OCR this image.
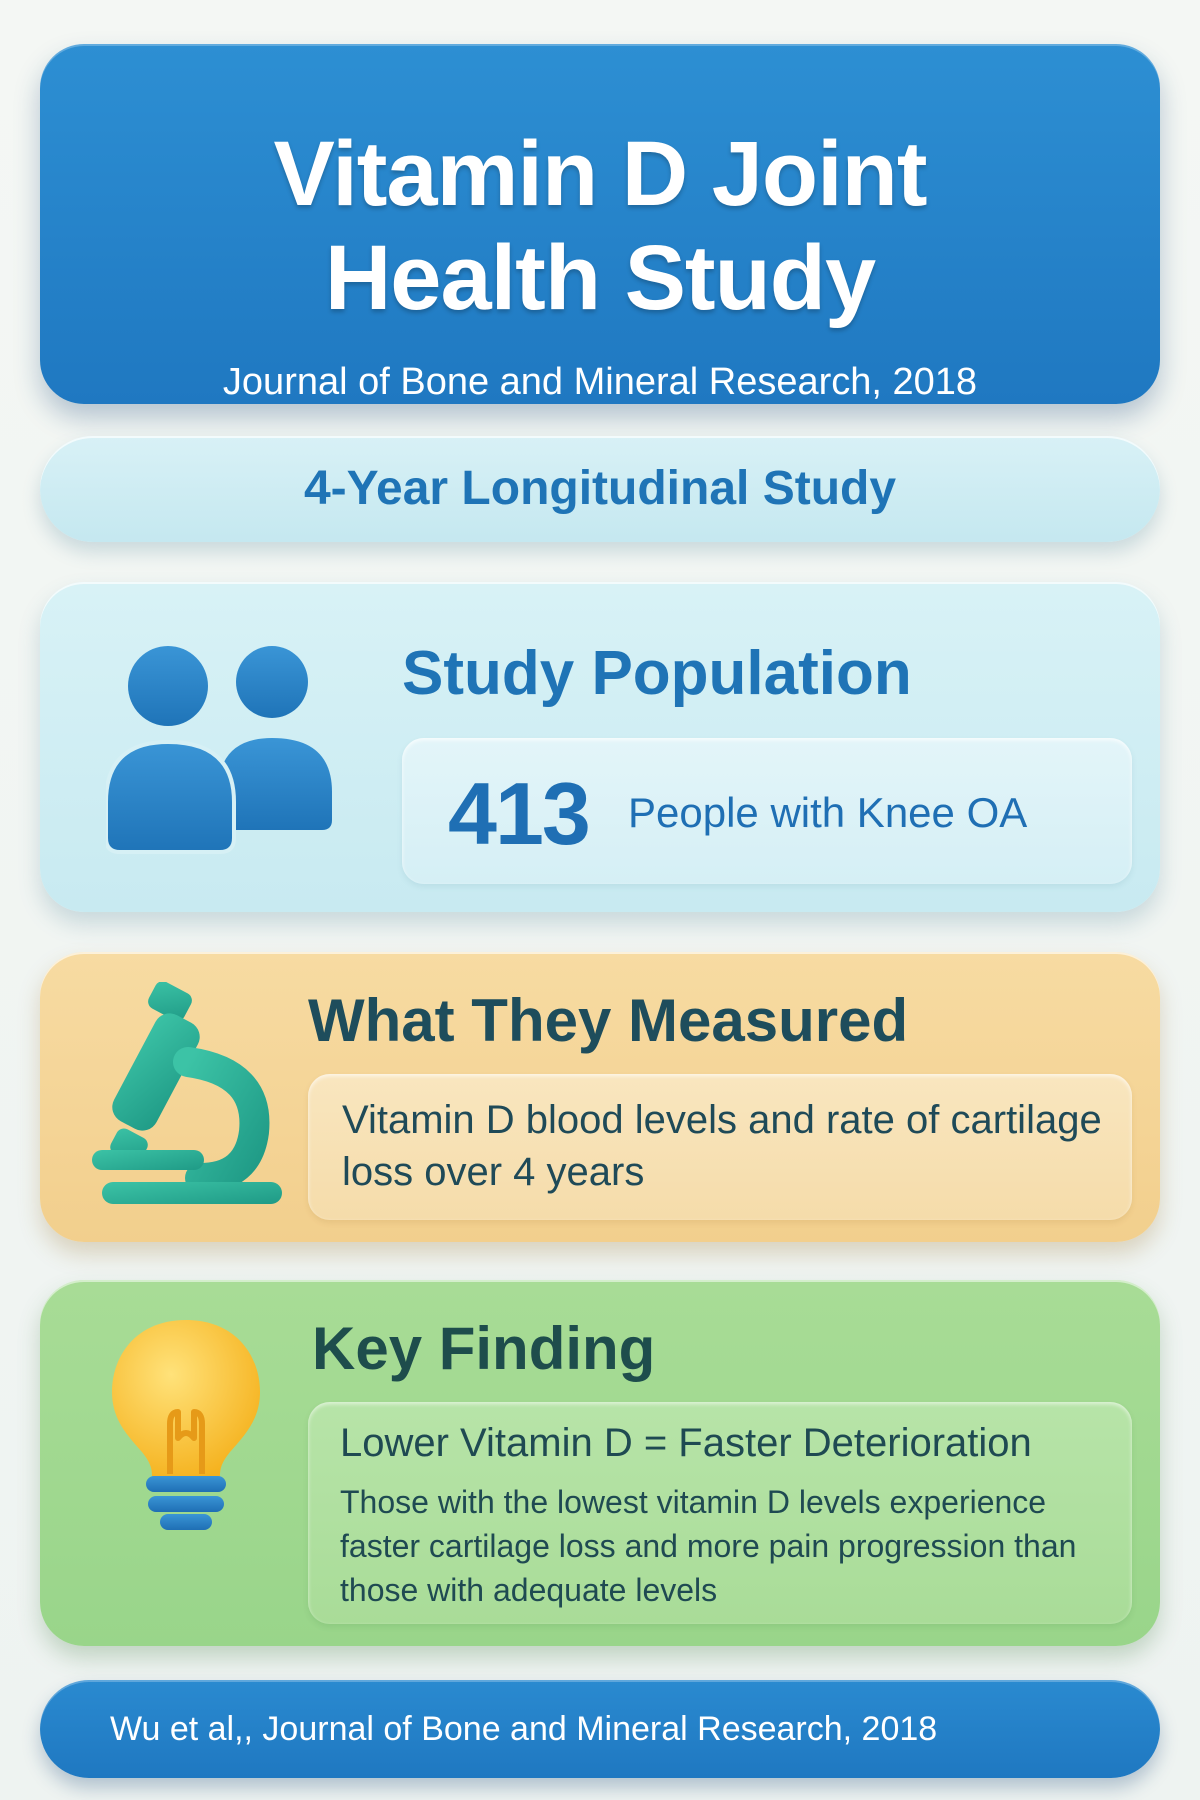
Vitamin D Joint
Health Study
Journal of Bone and Mineral Research, 2018
4-Year Longitudinal Study
Study Population
413 People with Knee OA
What They Measured
Vitamin D blood levels and rate of cartilage loss over 4 years
Key Finding
Lower Vitamin D = Faster Deterioration
Those with the lowest vitamin D levels experience faster cartilage loss and more pain progression than those with adequate levels
Wu et al,, Journal of Bone and Mineral Research, 2018
